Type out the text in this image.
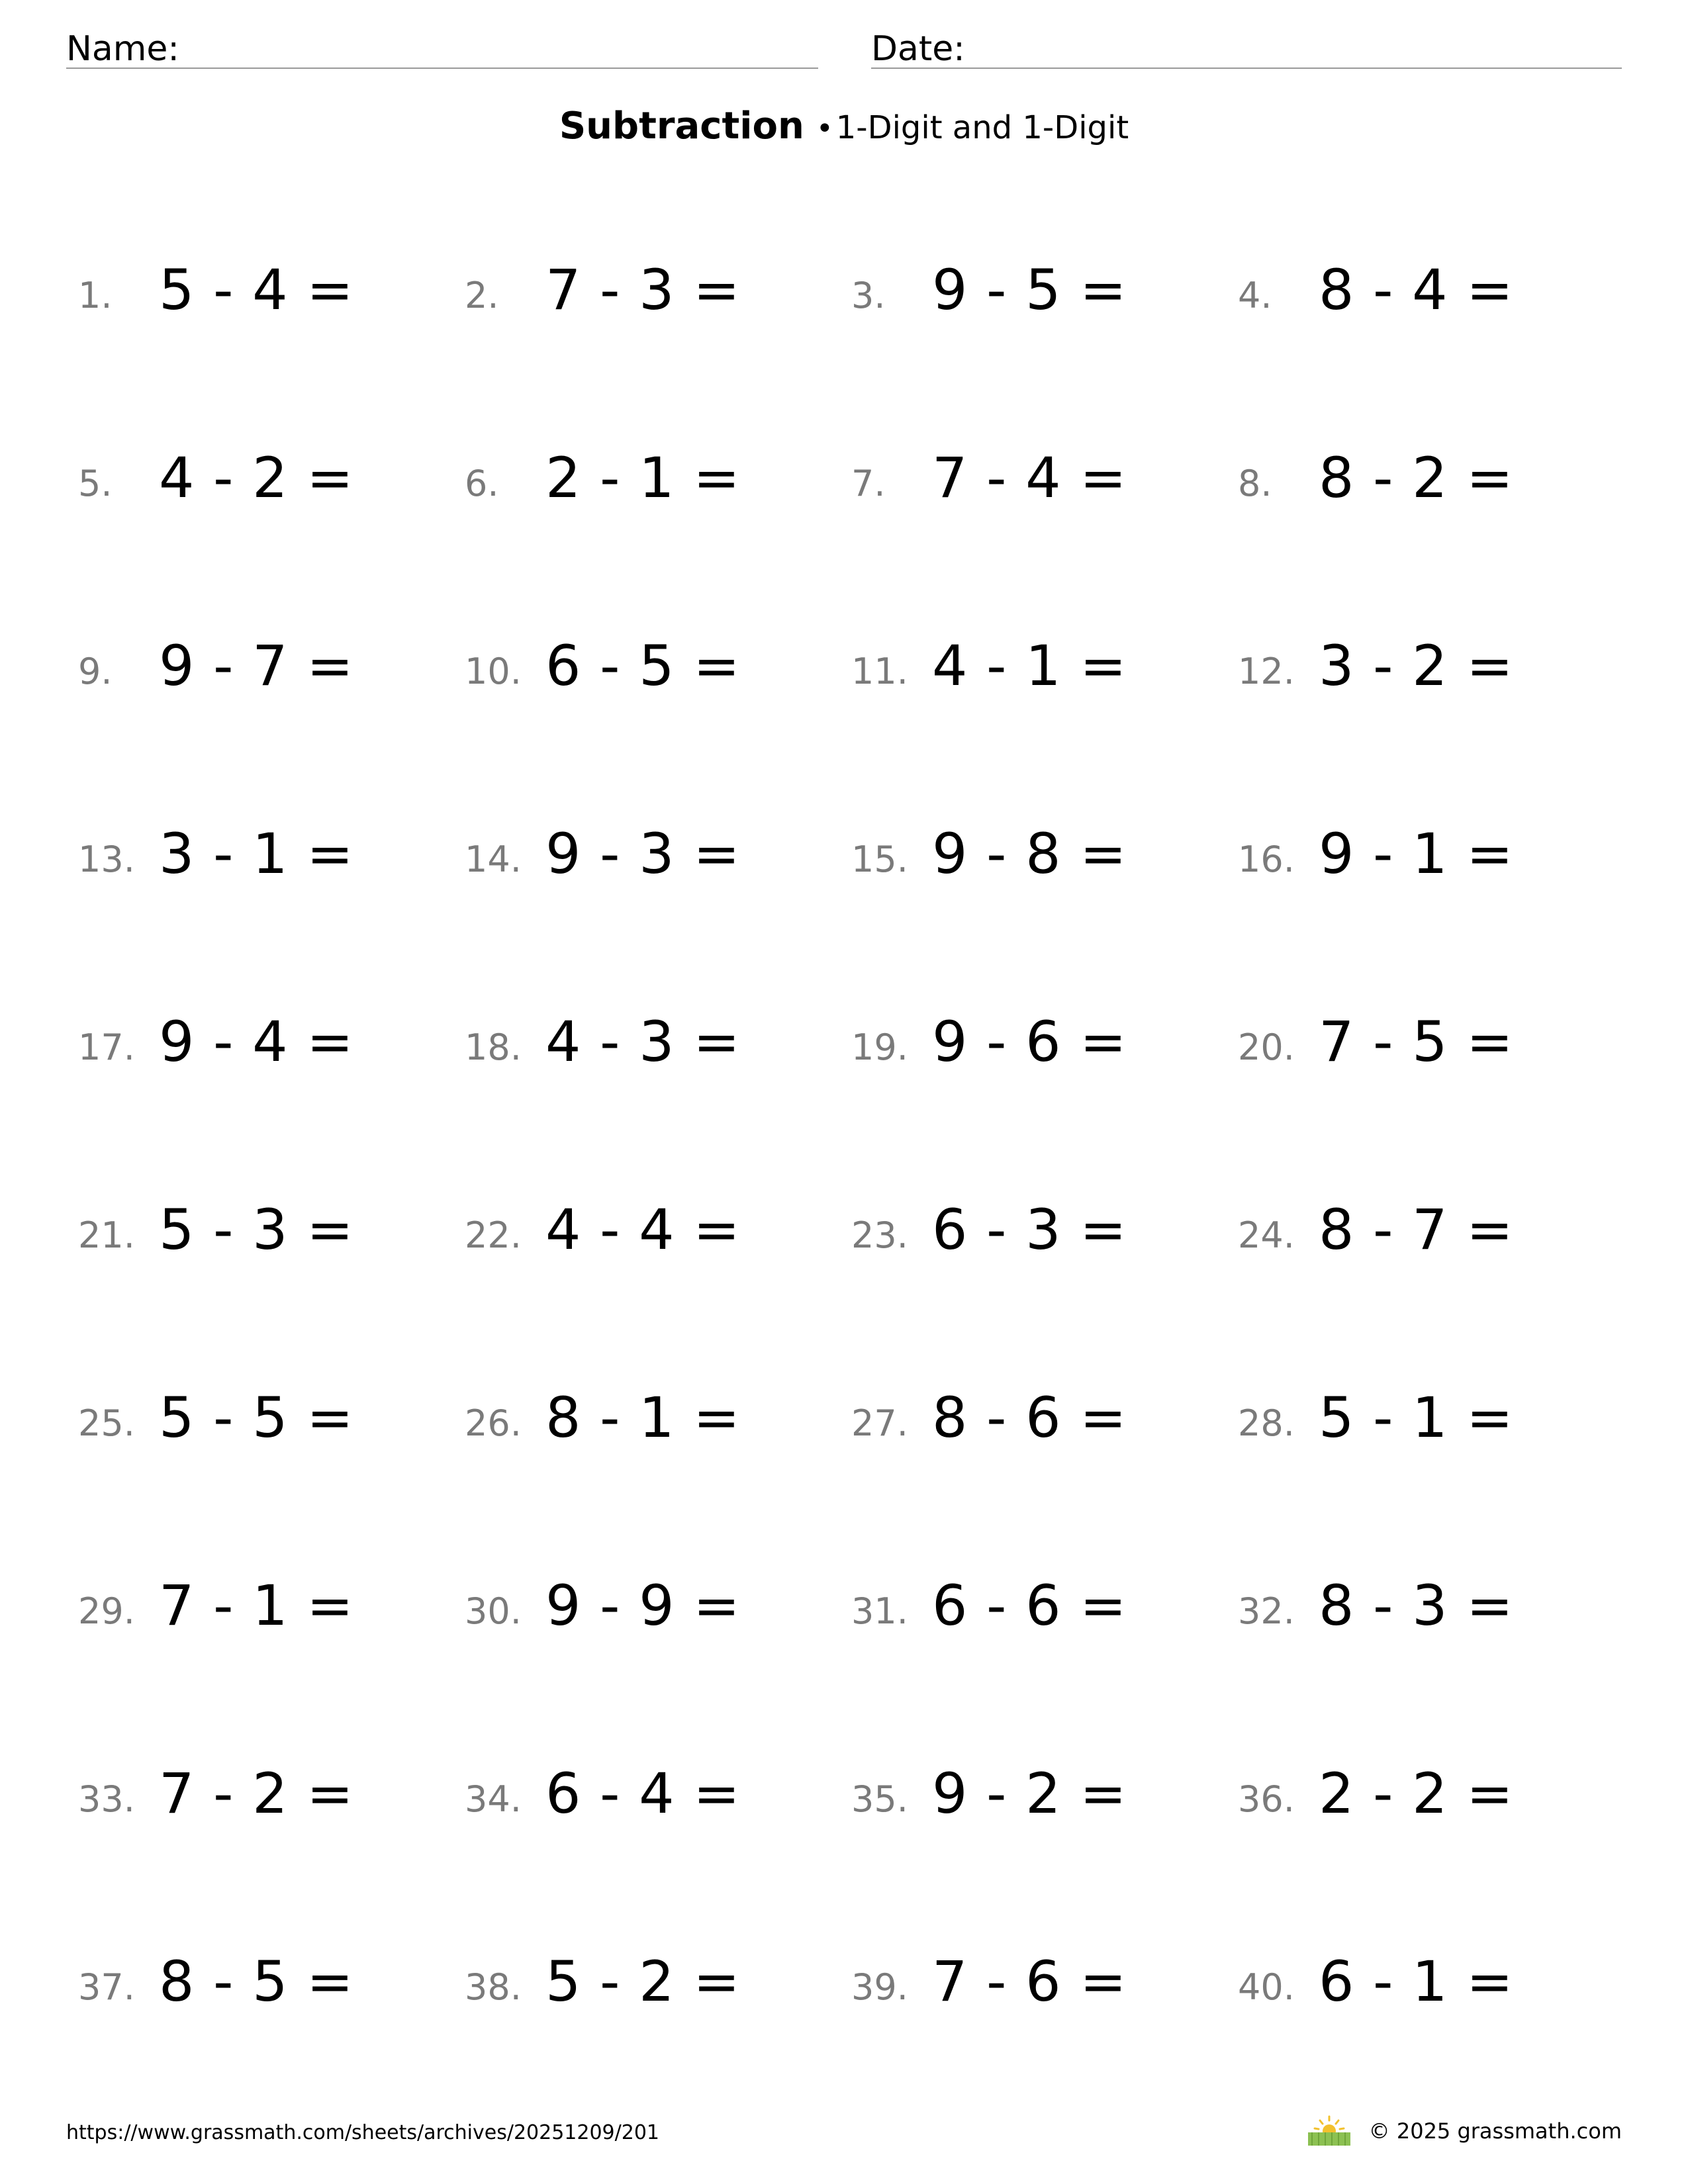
Name:	Date:
Subtraction •1-Digit and 1-Digit
1. 5 - 4 =	2. 7 - 3 =	3. 9 - 5 =	4. 8 - 4 =
5. 4 - 2 =	6. 2 - 1 =	7. 7 - 4 =	8. 8 - 2 =
9. 9 - 7 =	10. 6 - 5 =	11. 4 - 1 =	12. 3 - 2 =
13. 3 - 1 =	14. 9 - 3 =	15. 9 - 8 =	16. 9 - 1 =
17. 9 - 4 =	18. 4 - 3 =	19. 9 - 6 =	20. 7 - 5 =
21. 5 - 3 =	22. 4 - 4 =	23. 6 - 3 =	24. 8 - 7 =
25. 5 - 5 =	26. 8 - 1 =	27. 8 - 6 =	28. 5 - 1 =
29. 7 - 1 =	30. 9 - 9 =	31. 6 - 6 =	32. 8 - 3 =
33. 7 - 2 =	34. 6 - 4 =	35. 9 - 2 =	36. 2 - 2 =
37. 8 - 5 =	38. 5 - 2 =	39. 7 - 6 =	40. 6 - 1 =
https://www.grassmath.com/sheets/archives/20251209/201	© 2025 grassmath.com
